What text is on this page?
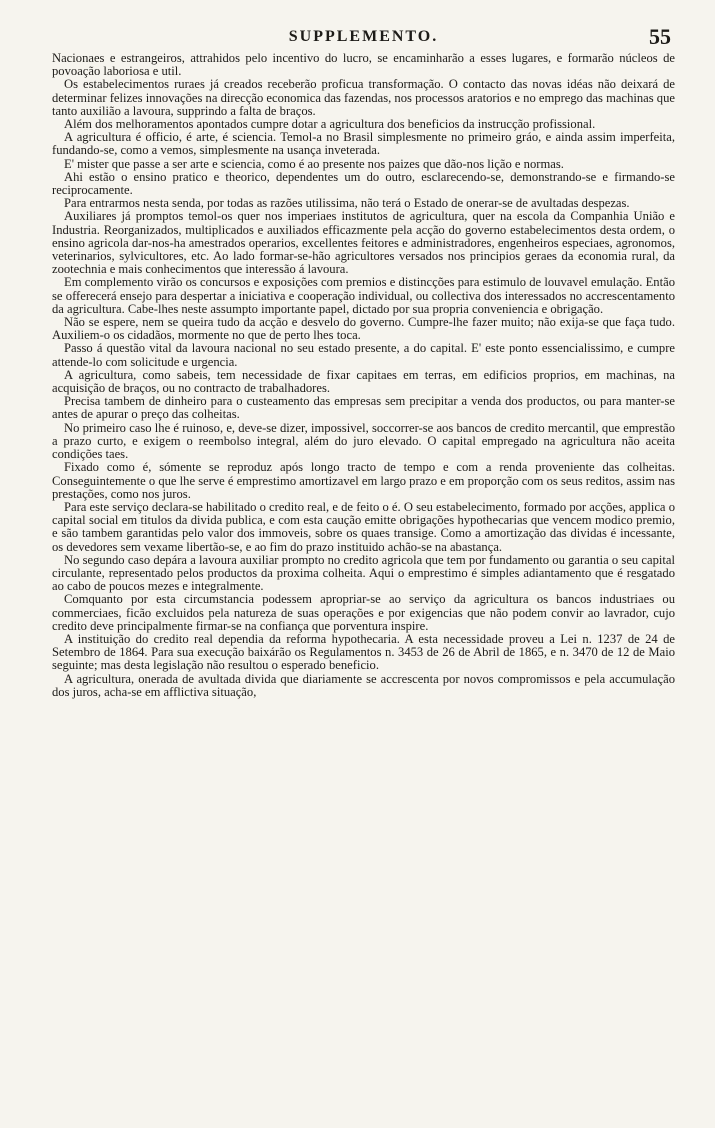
SUPPLEMENTO.	55

Nacionaes e estrangeiros, attrahidos pelo incentivo do lucro, se encaminharão a esses lugares, e formarão núcleos de povoação laboriosa e util.

Os estabelecimentos ruraes já creados receberão proficua transformação. O contacto das novas idéas não deixará de determinar felizes innovações na direcção economica das fazendas, nos processos aratorios e no emprego das machinas que tanto auxilião a lavoura, supprindo a falta de braços.

Além dos melhoramentos apontados cumpre dotar a agricultura dos beneficios da instrucção profissional.

A agricultura é officio, é arte, é sciencia. Temol-a no Brasil simplesmente no primeiro gráo, e ainda assim imperfeita, fundando-se, como a vemos, simplesmente na usança inveterada.

E' mister que passe a ser arte e sciencia, como é ao presente nos paizes que dão-nos lição e normas.

Ahi estão o ensino pratico e theorico, dependentes um do outro, esclarecendo-se, demonstrando-se e firmando-se reciprocamente.

Para entrarmos nesta senda, por todas as razões utilissima, não terá o Estado de onerar-se de avultadas despezas.

Auxiliares já promptos temol-os quer nos imperiaes institutos de agricultura, quer na escola da Companhia União e Industria. Reorganizados, multiplicados e auxiliados efficazmente pela acção do governo estabelecimentos desta ordem, o ensino agricola dar-nos-ha amestrados operarios, excellentes feitores e administradores, engenheiros especiaes, agronomos, veterinarios, sylvicultores, etc. Ao lado formar-se-hão agricultores versados nos principios geraes da economia rural, da zootechnia e mais conhecimentos que interessão á lavoura.

Em complemento virão os concursos e exposições com premios e distincções para estimulo de louvavel emulação. Então se offerecerá ensejo para despertar a iniciativa e cooperação individual, ou collectiva dos interessados no accrescentamento da agricultura. Cabe-lhes neste assumpto importante papel, dictado por sua propria conveniencia e obrigação.

Não se espere, nem se queira tudo da acção e desvelo do governo. Cumpre-lhe fazer muito; não exija-se que faça tudo. Auxiliem-o os cidadãos, mormente no que de perto lhes toca.

Passo á questão vital da lavoura nacional no seu estado presente, a do capital. E' este ponto essencialissimo, e cumpre attende-lo com solicitude e urgencia.

A agricultura, como sabeis, tem necessidade de fixar capitaes em terras, em edificios proprios, em machinas, na acquisição de braços, ou no contracto de trabalhadores.

Precisa tambem de dinheiro para o custeamento das empresas sem precipitar a venda dos productos, ou para manter-se antes de apurar o preço das colheitas.

No primeiro caso lhe é ruinoso, e, deve-se dizer, impossivel, soccorrer-se aos bancos de credito mercantil, que emprestão a prazo curto, e exigem o reembolso integral, além do juro elevado. O capital empregado na agricultura não aceita condições taes.

Fixado como é, sómente se reproduz após longo tracto de tempo e com a renda proveniente das colheitas. Conseguintemente o que lhe serve é emprestimo amortizavel em largo prazo e em proporção com os seus reditos, assim nas prestações, como nos juros.

Para este serviço declara-se habilitado o credito real, e de feito o é. O seu estabelecimento, formado por acções, applica o capital social em titulos da divida publica, e com esta caução emitte obrigações hypothecarias que vencem modico premio, e são tambem garantidas pelo valor dos immoveis, sobre os quaes transige. Como a amortização das dividas é incessante, os devedores sem vexame libertão-se, e ao fim do prazo instituido achão-se na abastança.

No segundo caso depára a lavoura auxiliar prompto no credito agricola que tem por fundamento ou garantia o seu capital circulante, representado pelos productos da proxima colheita. Aqui o emprestimo é simples adiantamento que é resgatado ao cabo de poucos mezes e integralmente.

Comquanto por esta circumstancia podessem apropriar-se ao serviço da agricultura os bancos industriaes ou commerciaes, ficão excluidos pela natureza de suas operações e por exigencias que não podem convir ao lavrador, cujo credito deve principalmente firmar-se na confiança que porventura inspire.

A instituição do credito real dependia da reforma hypothecaria. A esta necessidade proveu a Lei n. 1237 de 24 de Setembro de 1864. Para sua execução baixárão os Regulamentos n. 3453 de 26 de Abril de 1865, e n. 3470 de 12 de Maio seguinte; mas desta legislação não resultou o esperado beneficio.

A agricultura, onerada de avultada divida que diariamente se accrescenta por novos compromissos e pela accumulação dos juros, acha-se em afflictiva situação,
